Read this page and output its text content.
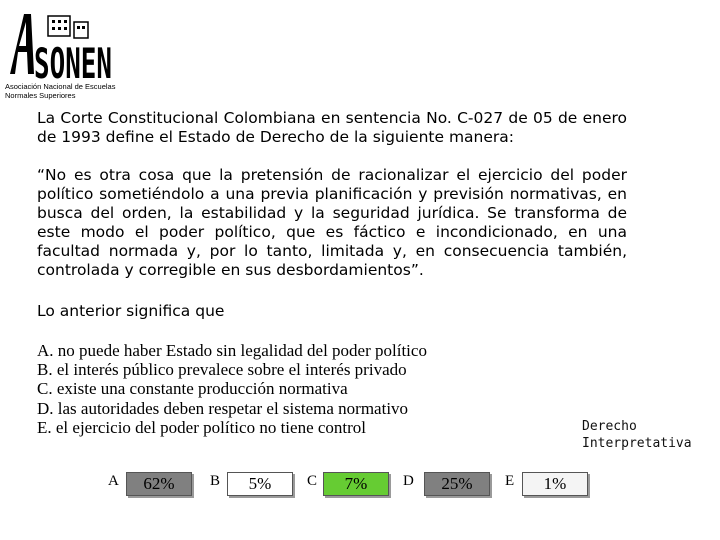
SONEN
Asociación Nacional de Escuelas
Normales Superiores
La Corte Constitucional Colombiana en sentencia No. C-027 de 05 de enero de 1993 define el Estado de Derecho de la siguiente manera:
“No es otra cosa que la pretensión de racionalizar el ejercicio del poder político sometiéndolo a una previa planificación y previsión normativas, en busca del orden, la estabilidad y la seguridad jurídica. Se transforma de este modo el poder político, que es fáctico e incondicionado, en una facultad normada y, por lo tanto, limitada y, en consecuencia también, controlada y corregible en sus desbordamientos”.
Lo anterior significa que
A. no puede haber Estado sin legalidad del poder político
B. el interés público prevalece sobre el interés privado
C. existe una constante producción normativa
D. las autoridades deben respetar el sistema normativo
E. el ejercicio del poder político no tiene control	Derecho
Interpretativa
A	62%	B	5%	C	7%	D	25%	E	1%
